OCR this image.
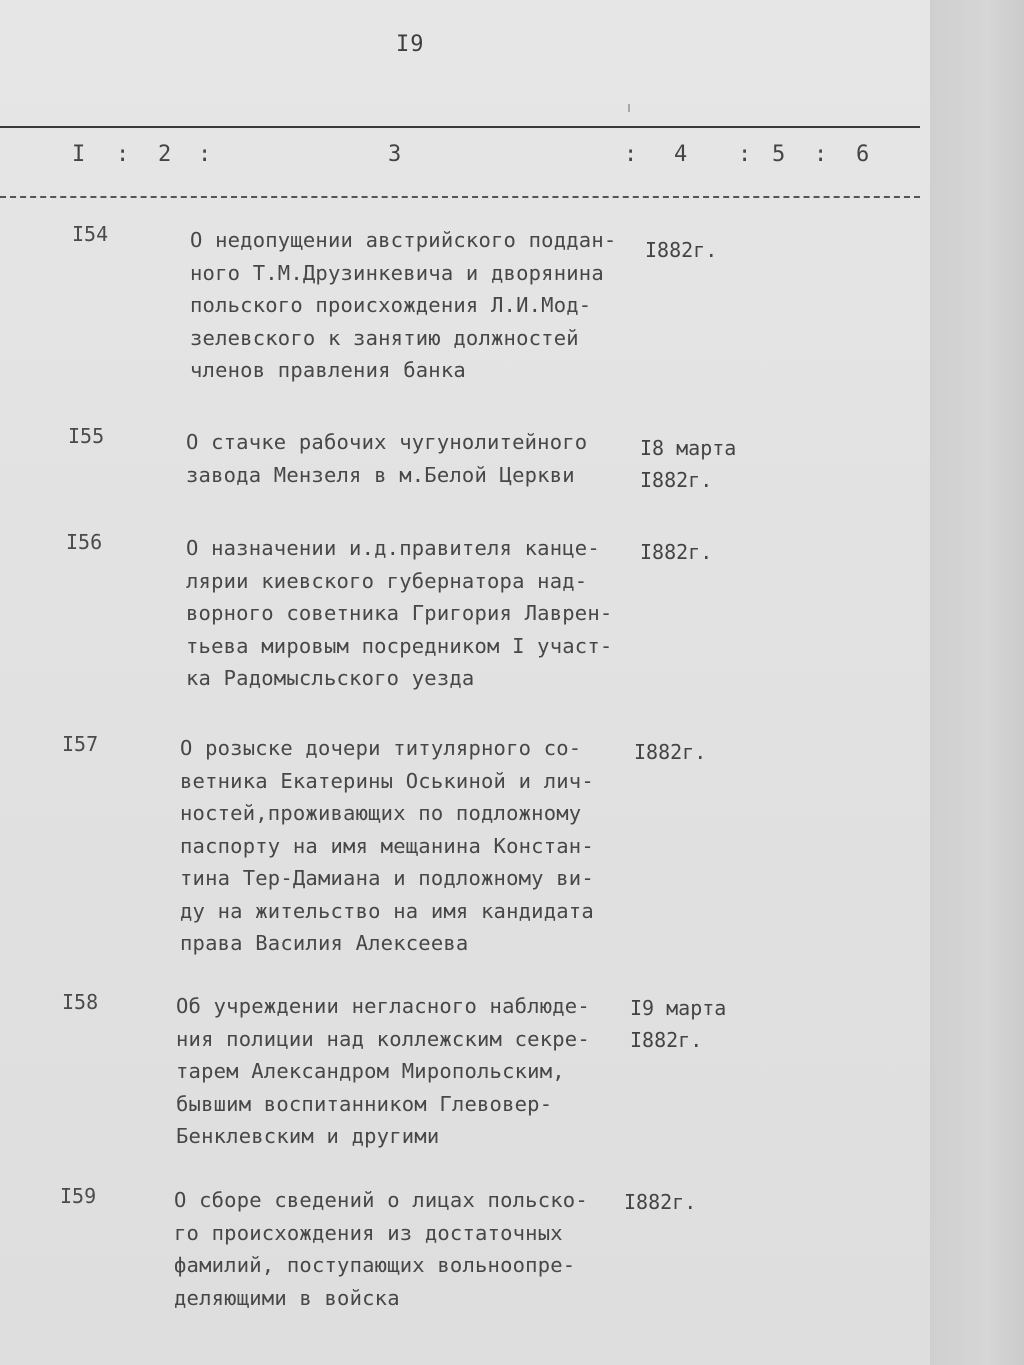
I9
I : 2 :	3	: 4 : 5 : 6
I54	О недопущении австрийского поддан-
ного Т.М.Друзинкевича и дворянина
польского происхождения Л.И.Мод-
зелевского к занятию должностей
членов правления банка
I882г.
I55	О стачке рабочих чугунолитейного
завода Мензеля в м.Белой Церкви
I8 марта
I882г.
I56	О назначении и.д.правителя канце-
лярии киевского губернатора над-
ворного советника Григория Лаврен-
тьева мировым посредником I участ-
ка Радомысльского уезда
I882г.
I57	О розыске дочери титулярного со-
ветника Екатерины Оськиной и лич-
ностей,проживающих по подложному
паспорту на имя мещанина Констан-
тина Тер-Дамиана и подложному ви-
ду на жительство на имя кандидата
права Василия Алексеева
I882г.
I58	Об учреждении негласного наблюде-
ния полиции над коллежским секре-
тарем Александром Миропольским,
бывшим воспитанником Глевовер-
Бенклевским и другими
I9 марта
I882г.
I59	О сборе сведений о лицах польско-
го происхождения из достаточных
фамилий, поступающих вольноопре-
деляющими в войска
I882г.
